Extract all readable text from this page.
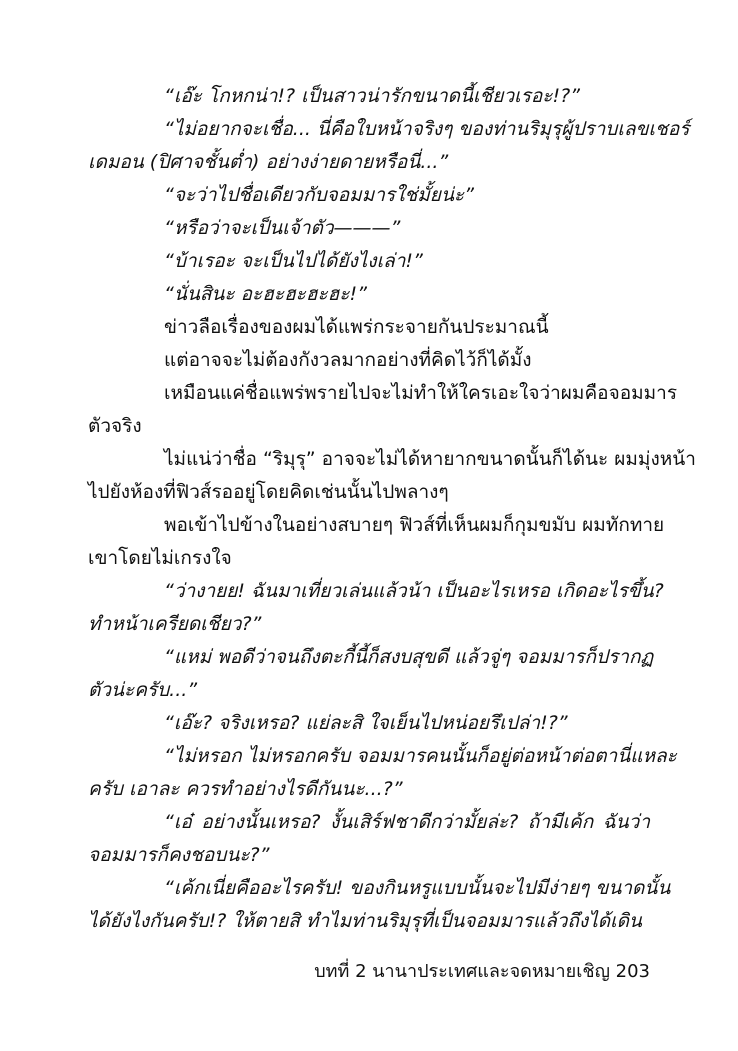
“เอ๊ะ โกหกน่า!? เป็นสาวน่ารักขนาดนี้เชียวเรอะ!?”
“ไม่อยากจะเชื่อ... นี่คือใบหน้าจริงๆ ของท่านริมุรุผู้ปราบเลขเชอร์
เดมอน (ปิศาจชั้นต่ำ) อย่างง่ายดายหรือนี่...”
“จะว่าไปชื่อเดียวกับจอมมารใช่มั้ยน่ะ”
“หรือว่าจะเป็นเจ้าตัว———”
“บ้าเรอะ จะเป็นไปได้ยังไงเล่า!”
“นั่นสินะ อะฮะฮะฮะฮะ!”
ข่าวลือเรื่องของผมได้แพร่กระจายกันประมาณนี้
แต่อาจจะไม่ต้องกังวลมากอย่างที่คิดไว้ก็ได้มั้ง
เหมือนแค่ชื่อแพร่พรายไปจะไม่ทำให้ใครเอะใจว่าผมคือจอมมาร
ตัวจริง
ไม่แน่ว่าชื่อ “ริมุรุ” อาจจะไม่ได้หายากขนาดนั้นก็ได้นะ ผมมุ่งหน้า
ไปยังห้องที่ฟิวส์รออยู่โดยคิดเช่นนั้นไปพลางๆ
พอเข้าไปข้างในอย่างสบายๆ ฟิวส์ที่เห็นผมก็กุมขมับ ผมทักทาย
เขาโดยไม่เกรงใจ
“ว่างายย! ฉันมาเที่ยวเล่นแล้วน้า เป็นอะไรเหรอ เกิดอะไรขึ้น?
ทำหน้าเครียดเชียว?”
“แหม่ พอดีว่าจนถึงตะกี้นี้ก็สงบสุขดี แล้วจู่ๆ จอมมารก็ปรากฏ
ตัวน่ะครับ...”
“เอ๊ะ? จริงเหรอ? แย่ละสิ ใจเย็นไปหน่อยรึเปล่า!?”
“ไม่หรอก ไม่หรอกครับ จอมมารคนนั้นก็อยู่ต่อหน้าต่อตานี่แหละ
ครับ เอาละ ควรทำอย่างไรดีกันนะ...?”
“เอ๋ อย่างนั้นเหรอ? งั้นเสิร์ฟชาดีกว่ามั้ยล่ะ? ถ้ามีเค้ก ฉันว่า
จอมมารก็คงชอบนะ?”
“เค้กเนี่ยคืออะไรครับ! ของกินหรูแบบนั้นจะไปมีง่ายๆ ขนาดนั้น
ได้ยังไงกันครับ!? ให้ตายสิ ทำไมท่านริมุรุที่เป็นจอมมารแล้วถึงได้เดิน
บทที่ 2 นานาประเทศและจดหมายเชิญ 203
